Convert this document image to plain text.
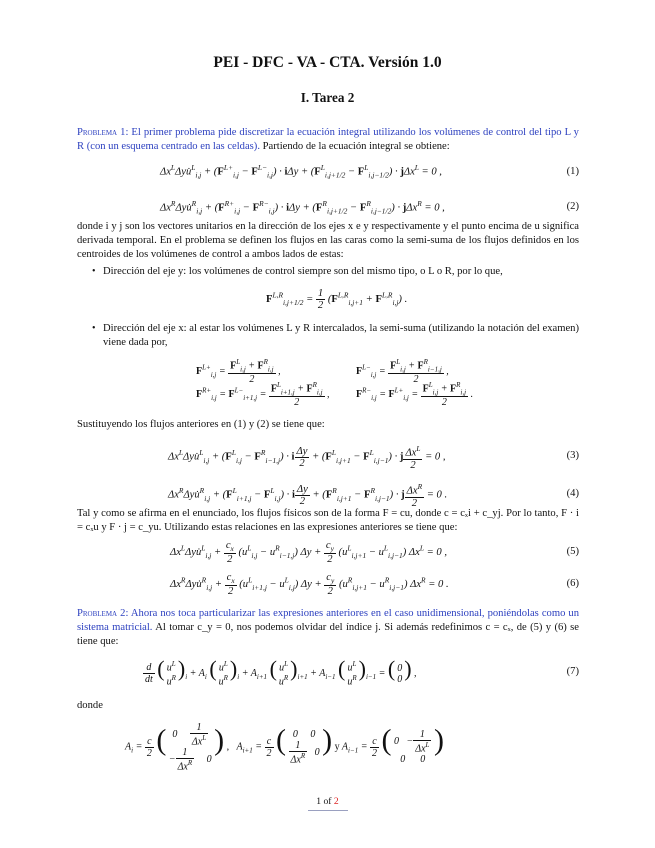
PEI - DFC - VA - CTA. Versión 1.0
I. Tarea 2
Problema 1: El primer problema pide discretizar la ecuación integral utilizando los volúmenes de control del tipo L y R (con un esquema centrado en las celdas). Partiendo de la ecuación integral se obtiene:
$\Delta x^L\Delta yu̇^L_{i,j} + (F^{L+}_{i,j} - F^{L-}_{i,j}) \cdot i\Delta y + (F^L_{i,j+1/2} - F^L_{i,j-1/2}) \cdot j\Delta x^L = 0$ ,	(1)
$\Delta x^R\Delta yu̇^R_{i,j} + (F^{R+}_{i,j} - F^{R-}_{i,j}) \cdot i\Delta y + (F^R_{i,j+1/2} - F^R_{i,j-1/2}) \cdot j\Delta x^R = 0$ ,	(2)
donde i y j son los vectores unitarios en la dirección de los ejes x e y respectivamente y el punto encima de u significa derivada temporal. En el problema se definen los flujos en las caras como la semi-suma de los flujos definidos en los centroides de los volúmenes de control a ambos lados de estas:
• Dirección del eje y: los volúmenes de control siempre son del mismo tipo, o L o R, por lo que,
$F^{L,R}_{i,j+1/2} = \frac{1}{2} (F^{L,R}_{i,j+1} + F^{L,R}_{i,j})$ .
• Dirección del eje x: al estar los volúmenes L y R intercalados, la semi-suma (utilizando la notación del examen) viene dada por,
$F^{L+}_{i,j} = \frac{F^L_{i,j} + F^R_{i,j}}{2}$ ,	$F^{L-}_{i,j} = \frac{F^L_{i,j} + F^R_{i-1,j}}{2}$ ,
$F^{R+}_{i,j} = F^{L-}_{i+1,j} = \frac{F^L_{i+1,j} + F^R_{i,j}}{2}$ ,	$F^{R-}_{i,j} = F^{L+}_{i,j} = \frac{F^L_{i,j} + F^R_{i,j}}{2}$ .
Sustituyendo los flujos anteriores en (1) y (2) se tiene que:
$\Delta x^L\Delta yu̇^L_{i,j} + (F^L_{i,j} - F^R_{i-1,j}) \cdot i \frac{\Delta y}{2} + (F^L_{i,j+1} - F^L_{i,j-1}) \cdot j \frac{\Delta x^L}{2} = 0$ ,	(3)
$\Delta x^R\Delta yu̇^R_{i,j} + (F^L_{i+1,j} - F^L_{i,j}) \cdot i \frac{\Delta y}{2} + (F^R_{i,j+1} - F^R_{i,j-1}) \cdot j \frac{\Delta x^R}{2} = 0$ .	(4)
Tal y como se afirma en el enunciado, los flujos físicos son de la forma F = cu, donde c = cₓi + c_yj. Por lo tanto, F · i = cₓu y F · j = c_yu. Utilizando estas relaciones en las expresiones anteriores se tiene que:
$\Delta x^L\Delta yu̇^L_{i,j} + \frac{c_x}{2} (u^L_{i,j} - u^R_{i-1,j}) \Delta y + \frac{c_y}{2} (u^L_{i,j+1} - u^L_{i,j-1}) \Delta x^L = 0$ ,	(5)
$\Delta x^R\Delta yu̇^R_{i,j} + \frac{c_x}{2} (u^L_{i+1,j} - u^L_{i,j}) \Delta y + \frac{c_y}{2} (u^R_{i,j+1} - u^R_{i,j-1}) \Delta x^R = 0$ .	(6)
Problema 2: Ahora nos toca particularizar las expresiones anteriores en el caso unidimensional, poniéndolas como un sistema matricial. Al tomar c_y = 0, nos podemos olvidar del índice j. Si además redefinimos c = cₓ, de (5) y (6) se tiene que:
$\frac{d}{dt}$ ( $u^L$
$u^R$ )$_i + A_i$ ( $u^L$
$u^R$ )$_i + A_{i+1}$ ( $u^L$
$u^R$ )$_{i+1} + A_{i-1}$ ( $u^L$
$u^R$ )$_{i-1}$ = ( 0
0 ) ,	(7)
donde
$A_i = \frac{c}{2}$ ( $0 \frac{1}{\Delta x^L}$
− $\frac{1}{\Delta x^R} 0$
) ,   $A_{i+1} = \frac{c}{2}$ ( 0     0
$\frac{1}{\Delta x^R} 0$ ) y $A_{i-1} = \frac{c}{2}$ ( $0 - \frac{1}{\Delta x^L}$
0      0
)
1 of 2
